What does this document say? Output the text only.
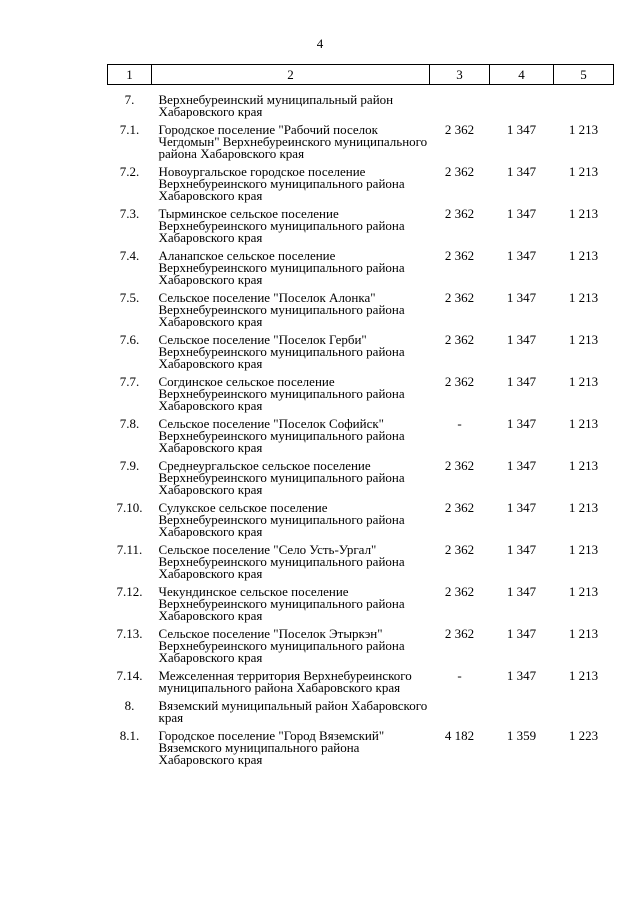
4
1	2	3	4	5
7.	Верхнебуреинский муниципальный район Хабаровского края			
7.1.	Городское поселение "Рабочий поселок Чегдомын" Верхнебуреинского муниципального района Хабаровского края	2 362	1 347	1 213
7.2.	Новоургальское городское поселение Верхнебуреинского муниципального района Хабаровского края	2 362	1 347	1 213
7.3.	Тырминское сельское поселение Верхнебуреинского муниципального района Хабаровского края	2 362	1 347	1 213
7.4.	Аланапское сельское поселение Верхнебуреинского муниципального района Хабаровского края	2 362	1 347	1 213
7.5.	Сельское поселение "Поселок Алонка" Верхнебуреинского муниципального района Хабаровского края	2 362	1 347	1 213
7.6.	Сельское поселение "Поселок Герби" Верхнебуреинского муниципального района Хабаровского края	2 362	1 347	1 213
7.7.	Согдинское сельское поселение Верхнебуреинского муниципального района Хабаровского края	2 362	1 347	1 213
7.8.	Сельское поселение "Поселок Софийск" Верхнебуреинского муниципального района Хабаровского края	-	1 347	1 213
7.9.	Среднеургальское сельское поселение Верхнебуреинского муниципального района Хабаровского края	2 362	1 347	1 213
7.10.	Сулукское сельское поселение Верхнебуреинского муниципального района Хабаровского края	2 362	1 347	1 213
7.11.	Сельское поселение "Село Усть-Ургал" Верхнебуреинского муниципального района Хабаровского края	2 362	1 347	1 213
7.12.	Чекундинское сельское поселение Верхнебуреинского муниципального района Хабаровского края	2 362	1 347	1 213
7.13.	Сельское поселение "Поселок Этыркэн" Верхнебуреинского муниципального района Хабаровского края	2 362	1 347	1 213
7.14.	Межселенная территория Верхнебуреинского муниципального района Хабаровского края	-	1 347	1 213
8.	Вяземский муниципальный район Хабаровского края			
8.1.	Городское поселение "Город Вяземский" Вяземского муниципального района Хабаровского края	4 182	1 359	1 223
